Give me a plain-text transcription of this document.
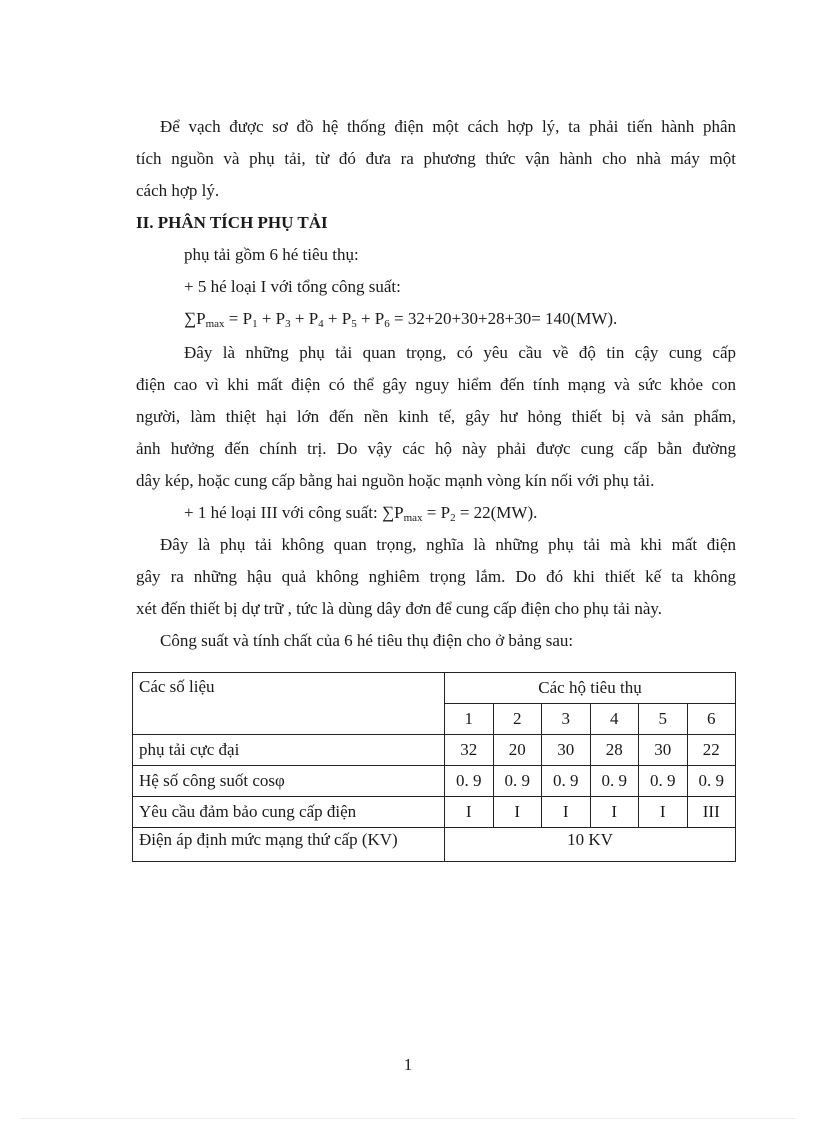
Để vạch được sơ đồ hệ thống điện một cách hợp lý, ta phải tiến hành phân
tích nguồn và phụ tải, từ đó đưa ra phương thức vận hành cho nhà máy một
cách hợp lý.
II. PHÂN TÍCH PHỤ TẢI
phụ tải gồm 6 hé tiêu thụ:
+ 5 hé loại I với tổng công suất:
$\sum P_{max} = P_1 + P_3 + P_4 + P_5 + P_6 = 32+20+30+28+30= 140(MW)$.
Đây là những phụ tải quan trọng, có yêu cầu về độ tin cậy cung cấp
điện cao vì khi mất điện có thể gây nguy hiểm đến tính mạng và sức khỏe con
người, làm thiệt hại lớn đến nền kinh tế, gây hư hỏng thiết bị và sản phẩm,
ảnh hưởng đến chính trị. Do vậy các hộ này phải được cung cấp bằn đường
dây kép, hoặc cung cấp bằng hai nguồn hoặc mạnh vòng kín nối với phụ tải.
+ 1 hé loại III với công suất: $\sum P_{max} = P_2 = 22(MW)$.
Đây là phụ tải không quan trọng, nghĩa là những phụ tải mà khi mất điện
gây ra những hậu quả không nghiêm trọng lắm. Do đó khi thiết kế ta không
xét đến thiết bị dự trữ , tức là dùng dây đơn để cung cấp điện cho phụ tải này.
Công suất và tính chất của 6 hé tiêu thụ điện cho ở bảng sau:
Các số liệu	Các hộ tiêu thụ					
	1	2	3	4	5	6
phụ tải cực đại	32	20	30	28	30	22
Hệ số công suốt cosφ	0. 9	0. 9	0. 9	0. 9	0. 9	0. 9
Yêu cầu đảm bảo cung cấp điện	I	I	I	I	I	III
Điện áp định mức mạng thứ cấp (KV)	10 KV					
1
